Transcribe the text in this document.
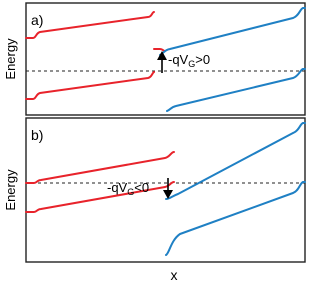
Energy
Energy
a)
b)
$-qV_G>0$
$-qV_G<0$
x
